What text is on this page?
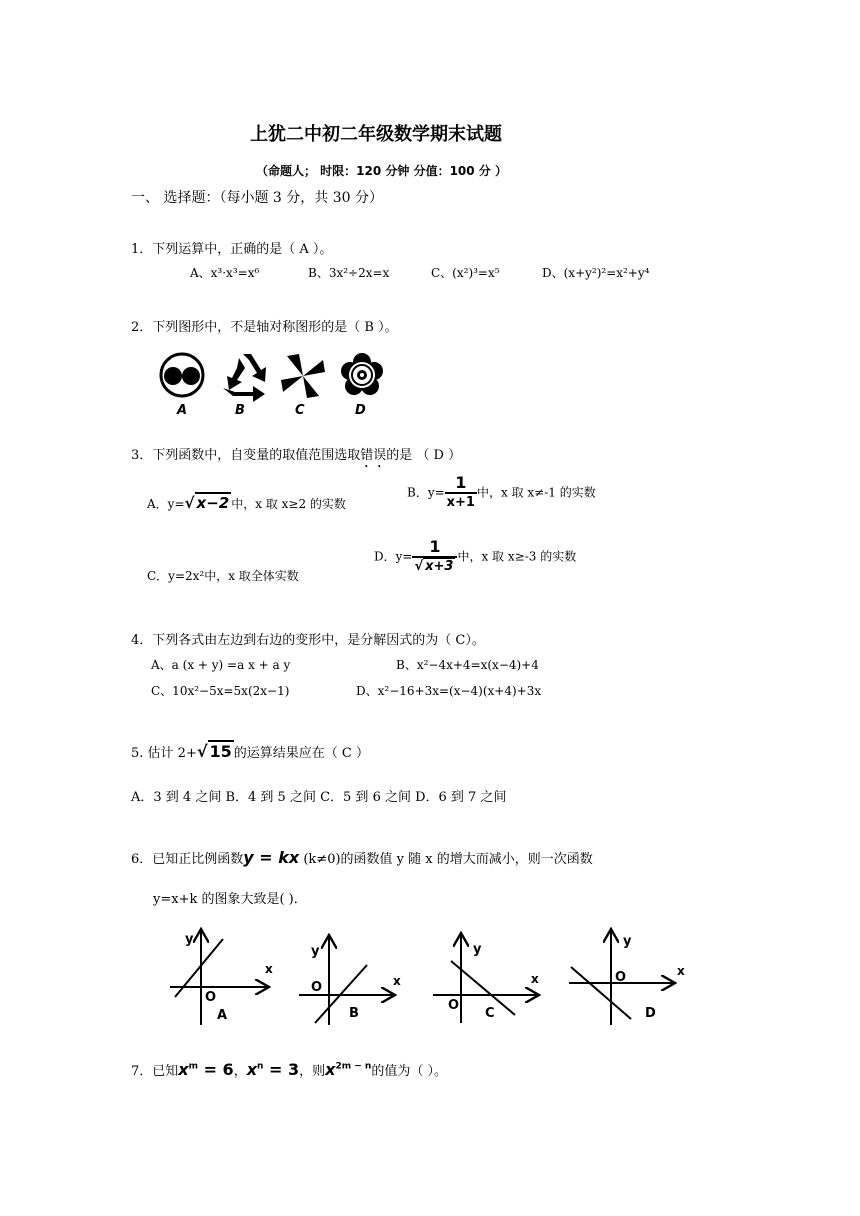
上犹二中初二年级数学期末试题
（命题人； 时限：120 分钟 分值：100 分 ）
一、 选择题：（每小题 3 分，共 30 分）
1．下列运算中，正确的是（ A ）。
A、x³·x³=x⁶	B、3x²÷2x=x	C、(x²)³=x⁵	D、(x+y²)²=x²+y⁴
2．下列图形中，不是轴对称图形的是（ B ）。
A	B	C	D
3．下列函数中，自变量的取值范围选取错误的是 （ D ）
A．y=√ x−2 中，x 取 x≥2 的实数
B．$y= \frac{1}{x+1}$ 中，x 取 x≠-1 的实数
C．y=2x²中，x 取全体实数
D．$y= \frac{1}{√ x+3}$ 中，x 取 x≥-3 的实数
4．下列各式由左边到右边的变形中，是分解因式的为（ C）。
A、a (x + y) =a x + a y	B、x²−4x+4=x(x−4)+4
C、10x²−5x=5x(2x−1)	D、x²−16+3x=(x−4)(x+4)+3x
5. 估计 2+√ 15 的运算结果应在（ C ）
A．3 到 4 之间 B．4 到 5 之间 C．5 到 6 之间 D．6 到 7 之间
6．已知正比例函数y = kx (k≠0)的函数值 y 随 x 的增大而减小，则一次函数
y=x+k 的图象大致是( )．
y
x
O
A
y
x
O
B
y
x
O
C
y
x
O
D
7．已知$x^m = 6$，$x^n = 3$，则$x^{2m - n}$的值为（ ）。
